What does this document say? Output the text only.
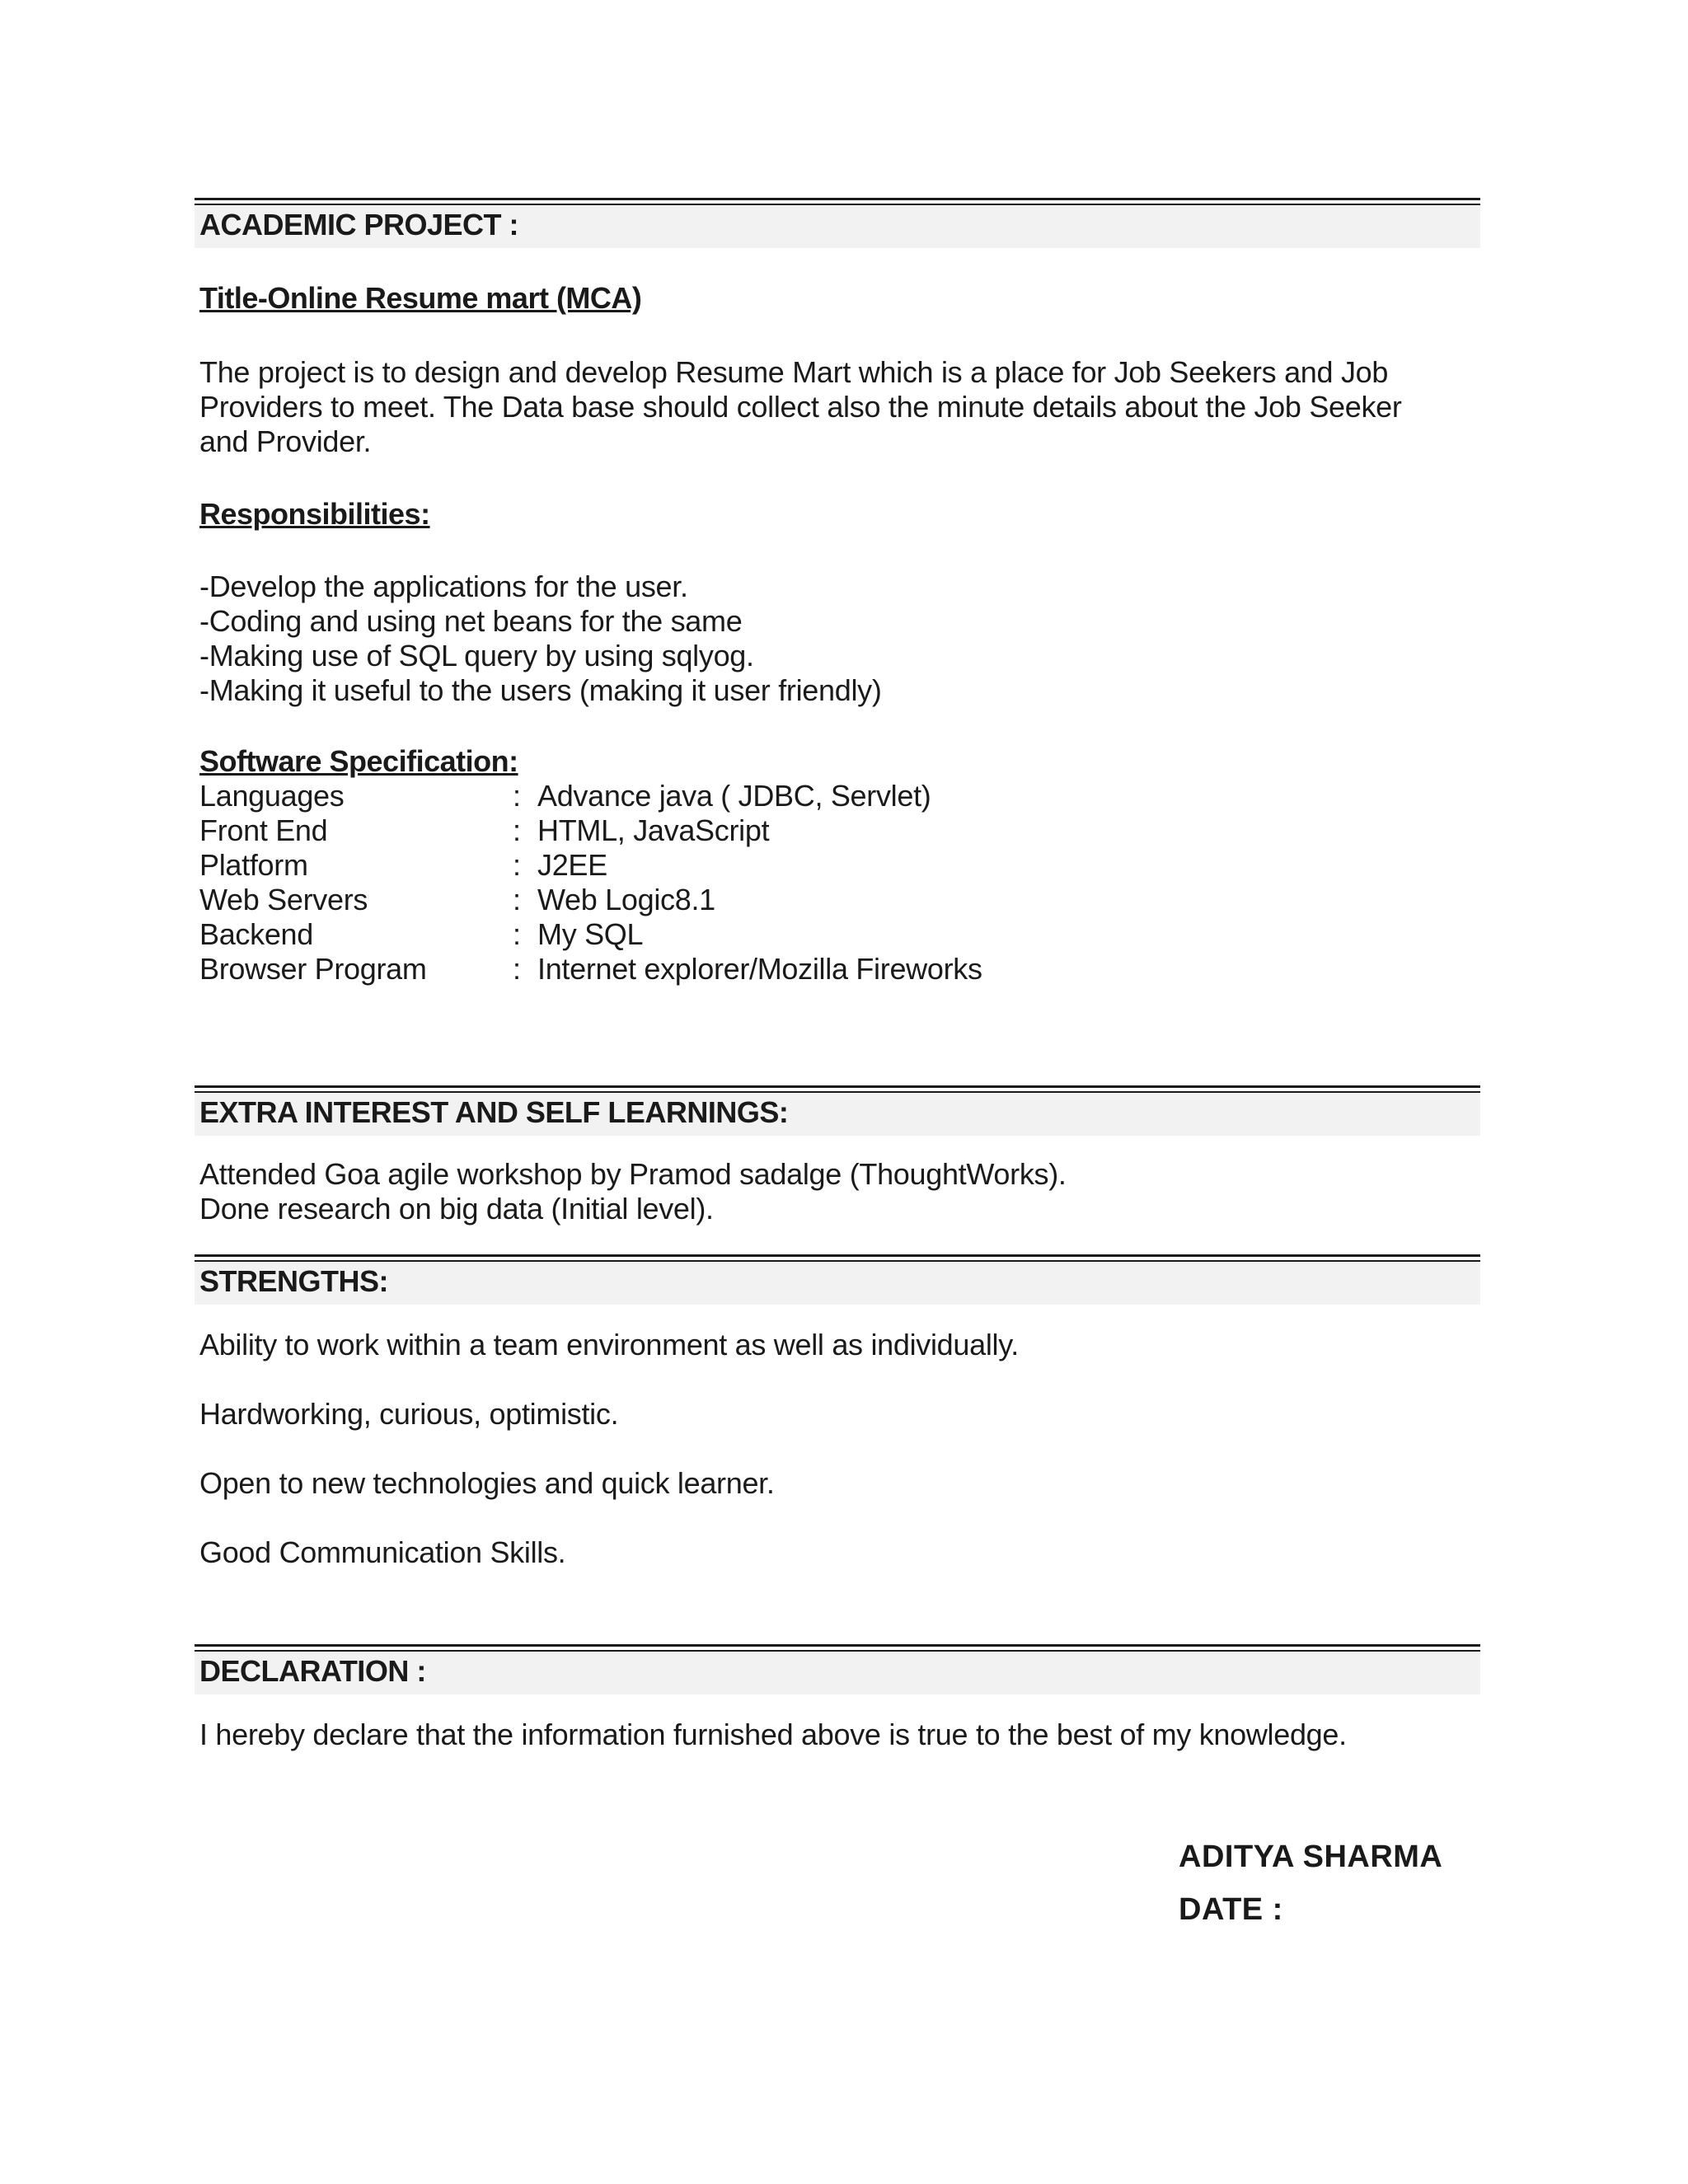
ACADEMIC PROJECT :
Title-Online Resume mart (MCA)
The project is to design and develop Resume Mart which is a place for Job Seekers and Job
Providers to meet. The Data base should collect also the minute details about the Job Seeker
and Provider.
Responsibilities:
-Develop the applications for the user.
-Coding and using net beans for the same
-Making use of SQL query by using sqlyog.
-Making it useful to the users (making it user friendly)
Software Specification:
Languages	: Advance java ( JDBC, Servlet)
Front End	: HTML, JavaScript
Platform	: J2EE
Web Servers	: Web Logic8.1
Backend	: My SQL
Browser Program	: Internet explorer/Mozilla Fireworks
EXTRA INTEREST AND SELF LEARNINGS:
Attended Goa agile workshop by Pramod sadalge (ThoughtWorks).
Done research on big data (Initial level).
STRENGTHS:
Ability to work within a team environment as well as individually.
Hardworking, curious, optimistic.
Open to new technologies and quick learner.
Good Communication Skills.
DECLARATION :
I hereby declare that the information furnished above is true to the best of my knowledge.
ADITYA SHARMA
DATE :
